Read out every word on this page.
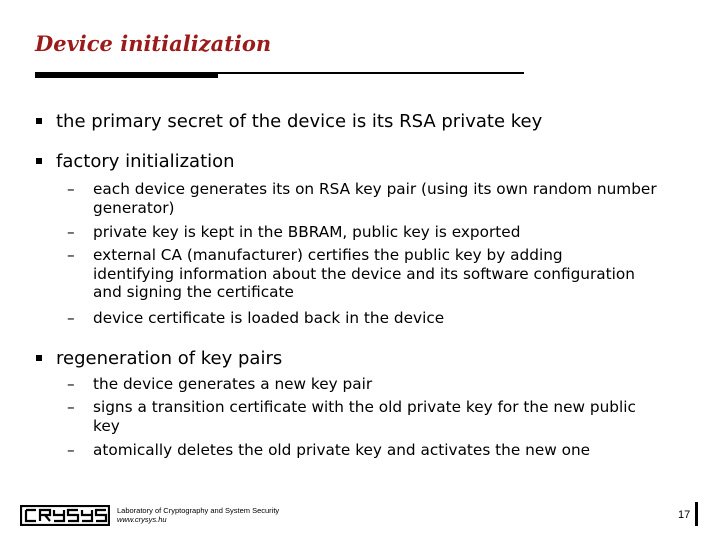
Device initialization
the primary secret of the device is its RSA private key
factory initialization
– each device generates its on RSA key pair (using its own random number generator)
– private key is kept in the BBRAM, public key is exported
– external CA (manufacturer) certifies the public key by adding identifying information about the device and its software configuration and signing the certificate
– device certificate is loaded back in the device
regeneration of key pairs
– the device generates a new key pair
– signs a transition certificate with the old private key for the new public key
– atomically deletes the old private key and activates the new one
Laboratory of Cryptography and System Security
www.crysys.hu	17
